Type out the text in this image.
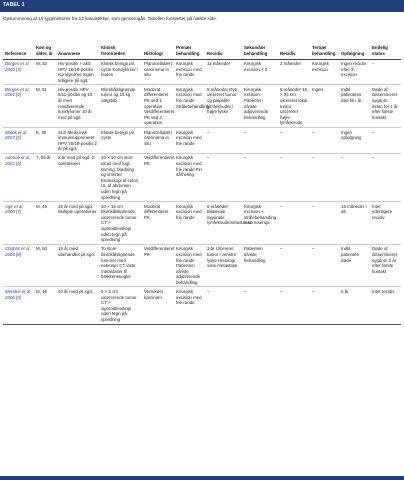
TABEL 1
Opsummering af 15 sygehistorier fra 13 kasuistikker, som gennemgås. Tabellen fortsætter på næste side.
Reference	Køn og alder, år	Anamnese	Klinisk fremtræden	Histologi	Primær behandling	Recidiv	Sekundær behandling	Recidiv	Tertiær behandling	Opfølgning	Endelig status
Borges et al, 2005 [4]	M, 32	Hiv-positiv + akS HPV 16/18-positiv Kondylomer Ingen tidligere pil.sgd.	Klinisk benign pil. cyste Kondylomer i huden	Planocellulært carcinoma in situ	Kirurgisk excision med frie rande	11 måneder	Kirurgisk excision × 2	2 måneder	Kirurgisk excision	Ingen recidiv efter 3. excision	–
Borges et al, 2001 [4]	M, 51	Hiv-positiv HPV 6/11-positiv og 10 år med residiverende kondylomer 10 år med pil.sgd.	Blomkålslignende tumor og 15 kg vægttab	Moderat differentieret PK ved 1. operation Veldifferentieret PK ved 2. operation	Kirurgisk excision med frie rande Strålebehandling	5 måneder Dyb ulcereret tumor og palpable lymfeknuder i højre lyske	Kirurgisk excision Patienten afviste adjuverende behandling	6 måneder 15 × 25 cm ulcereret lokal tumor Ulcereret højre lymfeknude	Ingen	Indtil patientens død fik i år.	Døde af dissemineret sygdom inden for 1 år efter første kontakt
Malek et al, 2007 [5]	K, 40	SLE Medicinsk immunsupprimeret HPV 16/18-positiv 2 år pil.sgd.	Klinisk benign pil. cyste	Planocellulært carcinoma in situ	Kirurgisk excision med frie rande	–	–	–	–	Ingen opfølgning	–
Adonoli et al, 2002 [6]	?, 55 år	2 år med pil.sgd. 2 operationer	10 × 10 cm stort ulcus med lugt, sivning, blødning og smerter Endoskopi af colon, UL af abdomen uden tegn på spredning	Veldifferentieret PK	Kirurgisk excision med frie rande Fin sårheling	–	–	–	–	–	–
Agir et al, 2006 [7]	M, 49	15 år med pil.sgd. Multiple operationer	10 × 15 cm blomkålslignende, ulcererende tumor CT + sigmoideoskopi uden tegn på spredning	Moderat differentieret PK	Kirurgisk excision med frie rande	6 måneder Bilaterale inguinale lymfeknudemetastaser	Kirurgisk excision + strålebehandling + kemoterapi	–	–	15 måneder i alt	Intet ydenligere recidiv
Chobtic et al, 2008 [8]	M, 50	15 år med ubehandlet pil.sgd.	To store blomkålslignende tumorer med nekroser CT viste metastaser til bækkenknogler	Veldifferentieret PK	Kirurgisk excision med frie rande Patienten afviste adjuverende behandling	2 år Ulcereret tumor i venstre lyske Histologi viste metastase	Patienten afviste behandling	–	–	Indtil patienten døde	Døde af dissemineret sygdom 2 år efter første kontakt
Mendes et al, 2006 [9]	M, 48	10 år med pil.sgd.	5 × 5 cm ulcererende tumor CT + sigmoideoskopi uden tegn på spredning	Verrukøst karcinom	Kirurgisk excision med frie rande	–	–	–	–	5 år	Intet recidiv
